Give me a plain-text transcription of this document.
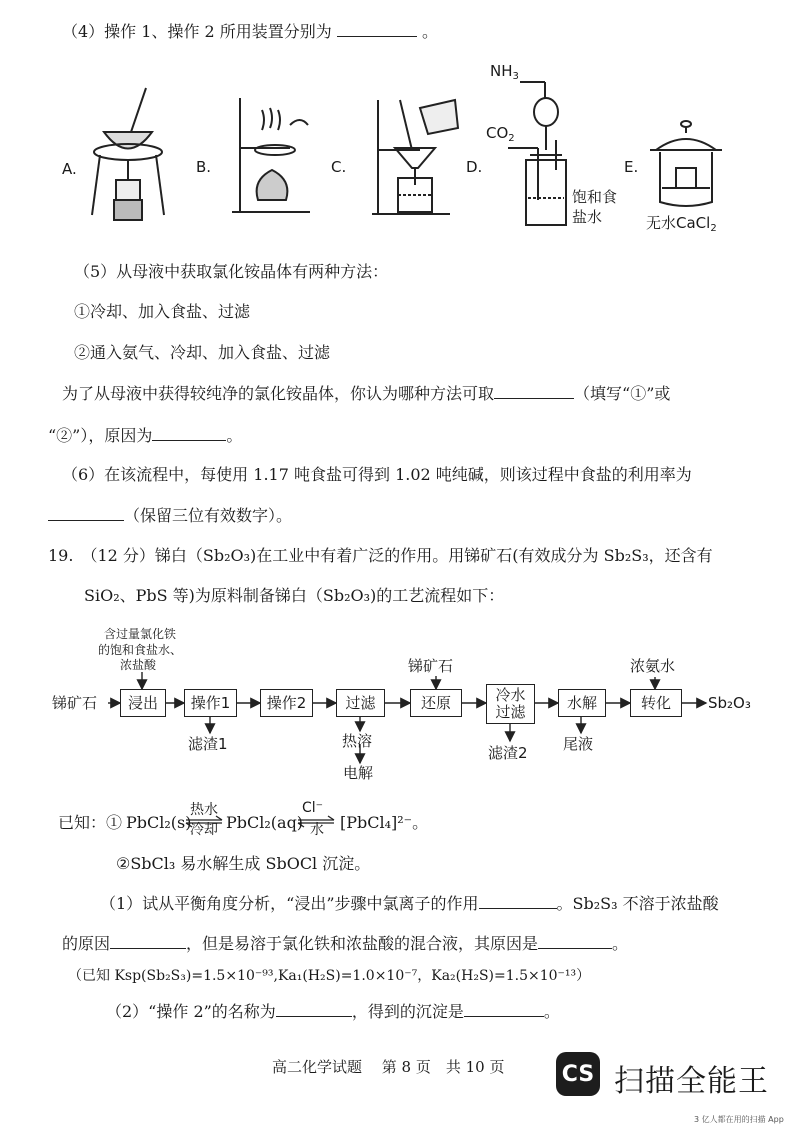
（4）操作 1、操作 2 所用装置分别为	。
A.	B.	C.	D.	E.
$NH_3$
$CO_2$
饱和食
盐水	无水CaCl$_2$
（5）从母液中获取氯化铵晶体有两种方法：
①冷却、加入食盐、过滤
②通入氨气、冷却、加入食盐、过滤
为了从母液中获得较纯净的氯化铵晶体，你认为哪种方法可取	（填写“①”或
“②”），原因为	。
（6）在该流程中，每使用 1.17 吨食盐可得到 1.02 吨纯碱，则该过程中食盐的利用率为
（保留三位有效数字）。
19.　（12 分）锑白（Sb₂O₃)在工业中有着广泛的作用。用锑矿石(有效成分为 Sb₂S₃，还含有
SiO₂、PbS 等)为原料制备锑白（Sb₂O₃)的工艺流程如下：
含过量氯化铁
的饱和食盐水、
浓盐酸
锑矿石	浸出	操作1	操作2	过滤	还原	冷水
过滤
水解	转化	Sb₂O₃
滤渣1	热溶
电解
锑矿石
滤渣2 尾液
浓氨水
已知：① PbCl₂(s)
热水
冷却 PbCl₂(aq)
Cl⁻
水 [PbCl₄]²⁻。
②SbCl₃ 易水解生成 SbOCl 沉淀。
（1）试从平衡角度分析，“浸出”步骤中氯离子的作用	。Sb₂S₃ 不溶于浓盐酸
的原因	，但是易溶于氯化铁和浓盐酸的混合液，其原因是	。
（已知 Ksp(Sb₂S₃)=1.5×10⁻⁹³,Ka₁(H₂S)=1.0×10⁻⁷，Ka₂(H₂S)=1.5×10⁻¹³）
（2）“操作 2”的名称为	，得到的沉淀是	。
高二化学试题　 第 8 页　共 10 页	CS 扫描全能王
3 亿人都在用的扫描 App
